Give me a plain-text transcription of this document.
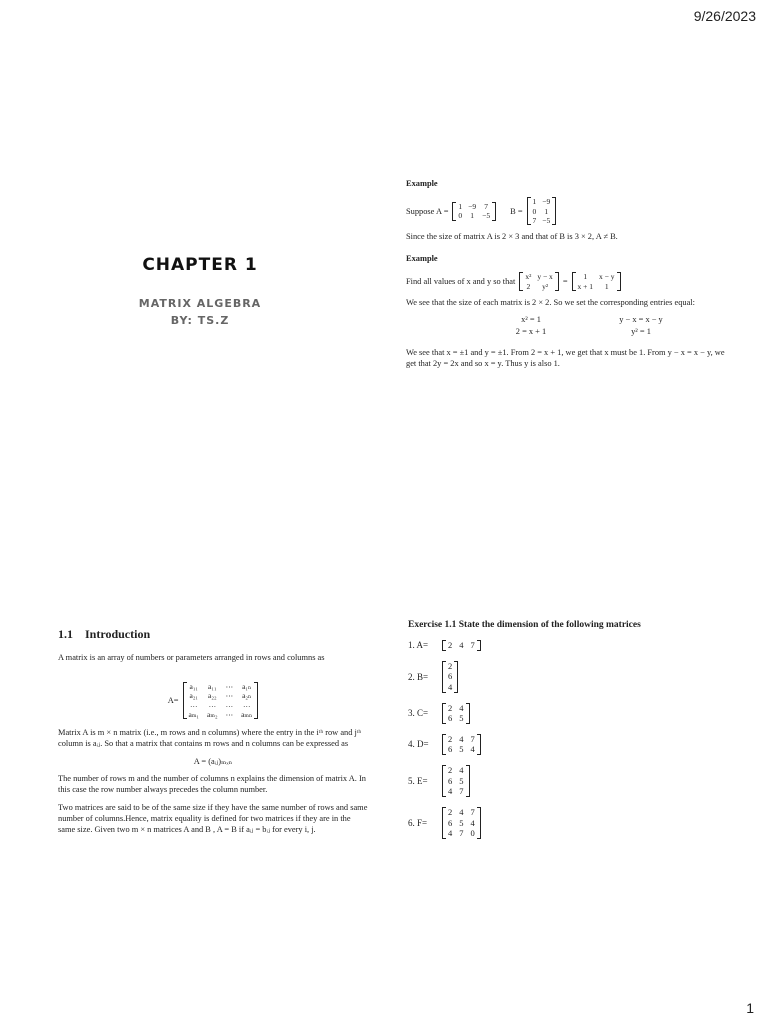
9/26/2023
CHAPTER 1
MATRIX ALGEBRA
BY: TS.Z
Example
Suppose A =
1 −9 7
0 1 −5
B =
1 −9
0 1
7 −5
Since the size of matrix A is 2 × 3 and that of B is 3 × 2, A ≠ B.
Example
Find all values of x and y so that
x² y − x
2	y²
=
1	x − y
x + 1	1
We see that the size of each matrix is 2 × 2. So we set the corresponding entries equal:
x² = 1	y − x = x − y
2 = x + 1	y² = 1
We see that x = ±1 and y = ±1. From 2 = x + 1, we get that x must be 1. From y − x = x − y, we get that 2y = 2x and so x = y. Thus y is also 1.
1.1 Introduction
A matrix is an array of numbers or parameters arranged in rows and columns as
A=
a₁₁ a₁₁ ⋯ a₁ₙ
a₂₁ a₂₂ ⋯ a₂ₙ
… … … …
aₘ₁ aₘ₂ ⋯ aₘₙ
Matrix A is m × n matrix (i.e., m rows and n columns) where the entry in the iᵗʰ row and jᵗʰ column is aᵢⱼ. So that a matrix that contains m rows and n columns can be expressed as
A = (aᵢⱼ)ₘₓₙ
The number of rows m and the number of columns n explains the dimension of matrix A. In this case the row number always precedes the column number.
Two matrices are said to be of the same size if they have the same number of rows and same number of columns.Hence, matrix equality is defined for two matrices if they are in the same size. Given two m × n matrices A and B , A = B if aᵢⱼ = bᵢⱼ for every i, j.
Exercise 1.1 State the dimension of the following matrices
1. A=	2 4 7
2. B=
2
6
4
3. C=
2 4
6 5
4. D=
2 4 7
6 5 4
5. E=
2 4
6 5
4 7
6. F=
2 4 7
6 5 4
4 7 0
1
